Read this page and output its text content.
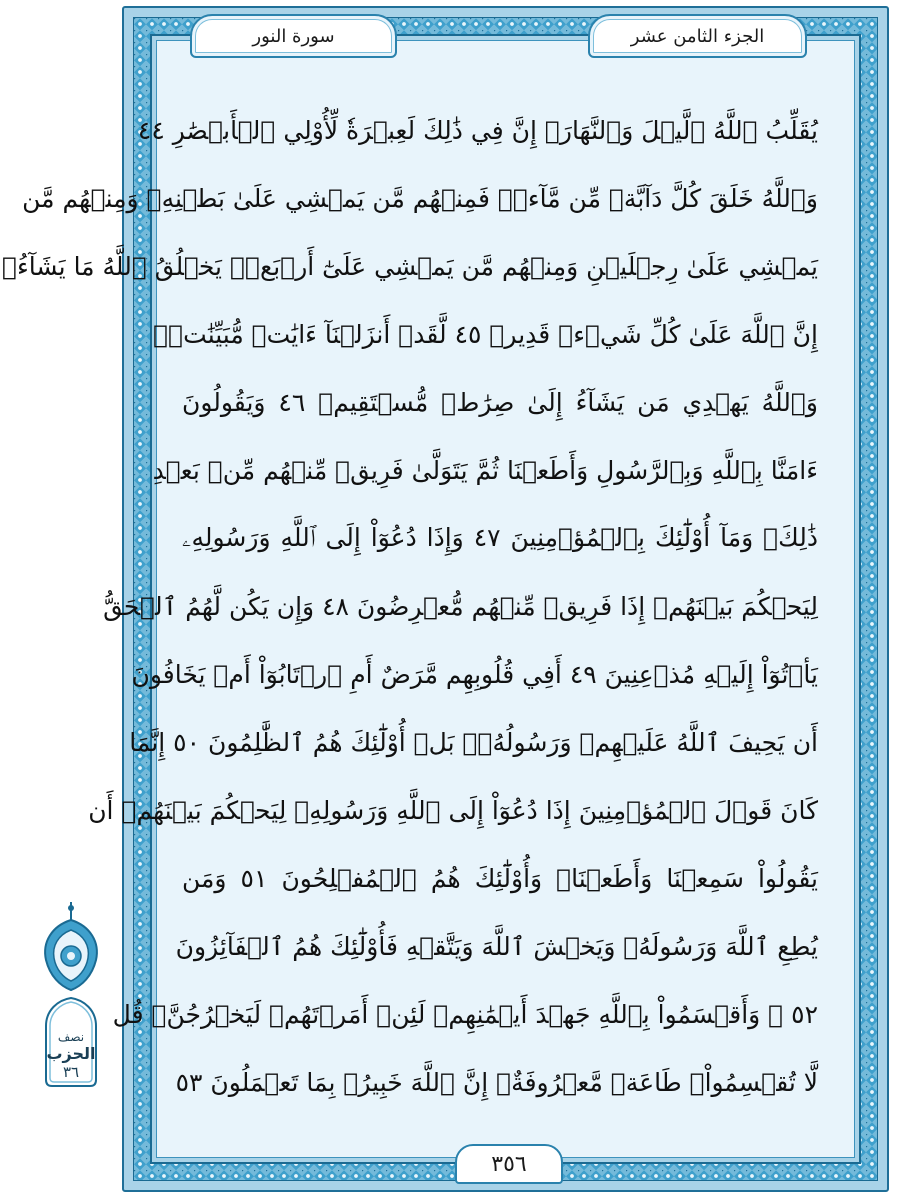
سورة النور	الجزء الثامن عشر
يُقَلِّبُ ٱللَّهُ ٱلَّيۡلَ وَٱلنَّهَارَۚ إِنَّ فِي ذَٰلِكَ لَعِبۡرَةٗ لِّأُوْلِي ٱلۡأَبۡصَٰرِ ٤٤
وَٱللَّهُ خَلَقَ كُلَّ دَآبَّةٖ مِّن مَّآءٖۖ فَمِنۡهُم مَّن يَمۡشِي عَلَىٰ بَطۡنِهِۦ وَمِنۡهُم مَّن
يَمۡشِي عَلَىٰ رِجۡلَيۡنِ وَمِنۡهُم مَّن يَمۡشِي عَلَىٰٓ أَرۡبَعٖۚ يَخۡلُقُ ٱللَّهُ مَا يَشَآءُۚ
إِنَّ ٱللَّهَ عَلَىٰ كُلِّ شَيۡءٖ قَدِيرٞ ٤٥ لَّقَدۡ أَنزَلۡنَآ ءَايَٰتٖ مُّبَيِّنَٰتٖۚ
وَٱللَّهُ يَهۡدِي مَن يَشَآءُ إِلَىٰ صِرَٰطٖ مُّسۡتَقِيمٖ ٤٦ وَيَقُولُونَ
ءَامَنَّا بِٱللَّهِ وَبِٱلرَّسُولِ وَأَطَعۡنَا ثُمَّ يَتَوَلَّىٰ فَرِيقٞ مِّنۡهُم مِّنۢ بَعۡدِ
ذَٰلِكَۚ وَمَآ أُوْلَٰٓئِكَ بِٱلۡمُؤۡمِنِينَ ٤٧ وَإِذَا دُعُوٓاْ إِلَى ٱللَّهِ وَرَسُولِهِۦ
لِيَحۡكُمَ بَيۡنَهُمۡ إِذَا فَرِيقٞ مِّنۡهُم مُّعۡرِضُونَ ٤٨ وَإِن يَكُن لَّهُمُ ٱلۡحَقُّ
يَأۡتُوٓاْ إِلَيۡهِ مُذۡعِنِينَ ٤٩ أَفِي قُلُوبِهِم مَّرَضٌ أَمِ ٱرۡتَابُوٓاْ أَمۡ يَخَافُونَ
أَن يَحِيفَ ٱللَّهُ عَلَيۡهِمۡ وَرَسُولُهُۥۚ بَلۡ أُوْلَٰٓئِكَ هُمُ ٱلظَّٰلِمُونَ ٥٠ إِنَّمَا
كَانَ قَوۡلَ ٱلۡمُؤۡمِنِينَ إِذَا دُعُوٓاْ إِلَى ٱللَّهِ وَرَسُولِهِۦ لِيَحۡكُمَ بَيۡنَهُمۡ أَن
يَقُولُواْ سَمِعۡنَا وَأَطَعۡنَاۚ وَأُوْلَٰٓئِكَ هُمُ ٱلۡمُفۡلِحُونَ ٥١ وَمَن
يُطِعِ ٱللَّهَ وَرَسُولَهُۥ وَيَخۡشَ ٱللَّهَ وَيَتَّقۡهِ فَأُوْلَٰٓئِكَ هُمُ ٱلۡفَآئِزُونَ
٥٢ ۞ وَأَقۡسَمُواْ بِٱللَّهِ جَهۡدَ أَيۡمَٰنِهِمۡ لَئِنۡ أَمَرۡتَهُمۡ لَيَخۡرُجُنَّۖ قُل
لَّا تُقۡسِمُواْۖ طَاعَةٞ مَّعۡرُوفَةٌۚ إِنَّ ٱللَّهَ خَبِيرُۢ بِمَا تَعۡمَلُونَ ٥٣
نصف
الحزب
٣٦
٣٥٦
